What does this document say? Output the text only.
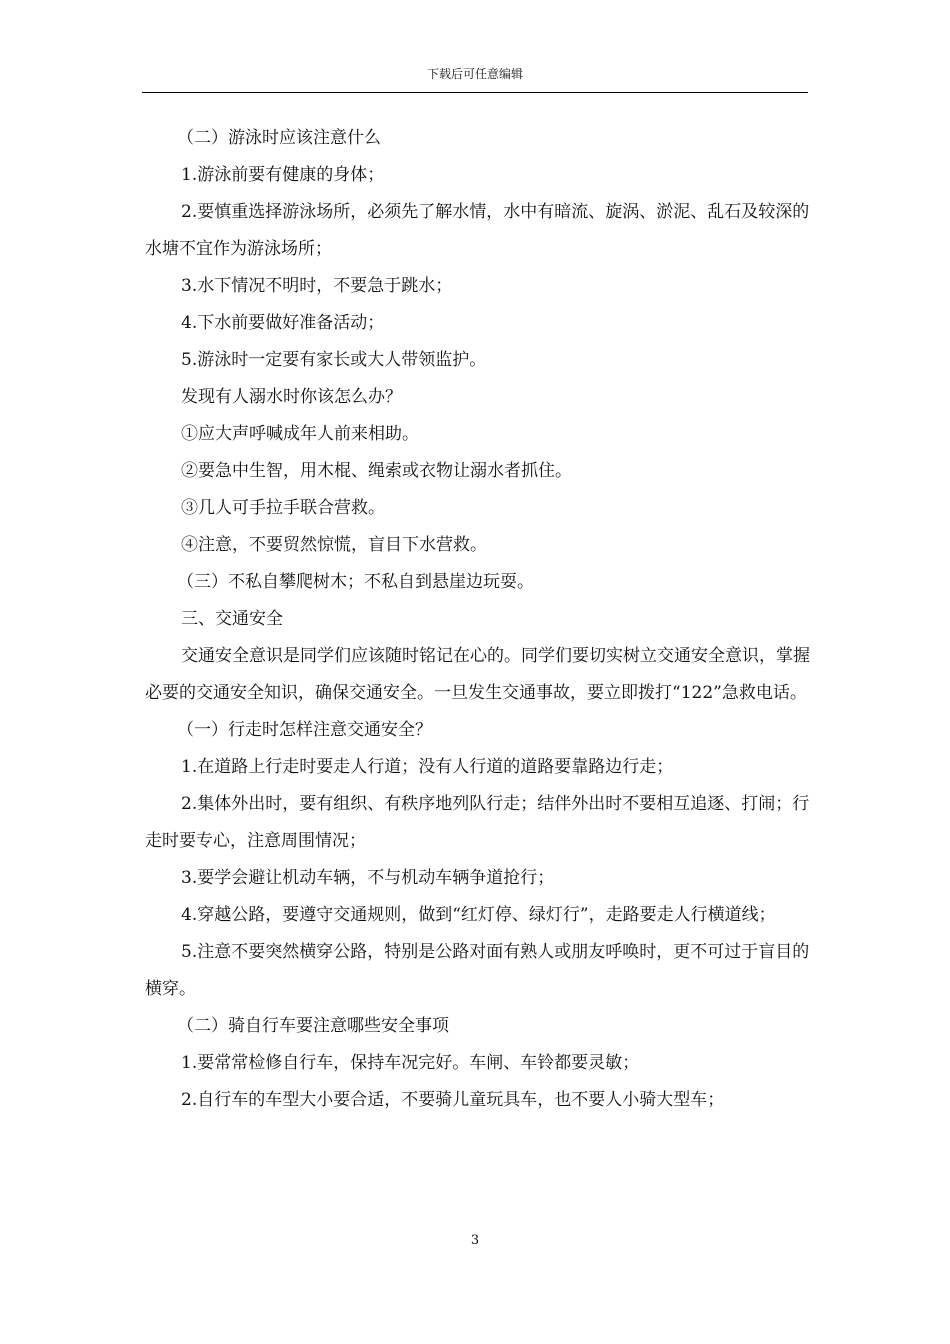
下载后可任意编辑

（二）游泳时应该注意什么

1.游泳前要有健康的身体；

2.要慎重选择游泳场所，必须先了解水情，水中有暗流、旋涡、淤泥、乱石及较深的水塘不宜作为游泳场所；

3.水下情况不明时，不要急于跳水；

4.下水前要做好准备活动；

5.游泳时一定要有家长或大人带领监护。

发现有人溺水时你该怎么办？

①应大声呼喊成年人前来相助。

②要急中生智，用木棍、绳索或衣物让溺水者抓住。

③几人可手拉手联合营救。

④注意，不要贸然惊慌，盲目下水营救。

（三）不私自攀爬树木；不私自到悬崖边玩耍。

三、交通安全

交通安全意识是同学们应该随时铭记在心的。同学们要切实树立交通安全意识，掌握必要的交通安全知识，确保交通安全。一旦发生交通事故，要立即拨打“122”急救电话。

（一）行走时怎样注意交通安全？

1.在道路上行走时要走人行道；没有人行道的道路要靠路边行走；

2.集体外出时，要有组织、有秩序地列队行走；结伴外出时不要相互追逐、打闹；行走时要专心，注意周围情况；

3.要学会避让机动车辆，不与机动车辆争道抢行；

4.穿越公路，要遵守交通规则，做到“红灯停、绿灯行”，走路要走人行横道线；

5.注意不要突然横穿公路，特别是公路对面有熟人或朋友呼唤时，更不可过于盲目的横穿。

（二）骑自行车要注意哪些安全事项

1.要常常检修自行车，保持车况完好。车闸、车铃都要灵敏；

2.自行车的车型大小要合适，不要骑儿童玩具车，也不要人小骑大型车；

3
